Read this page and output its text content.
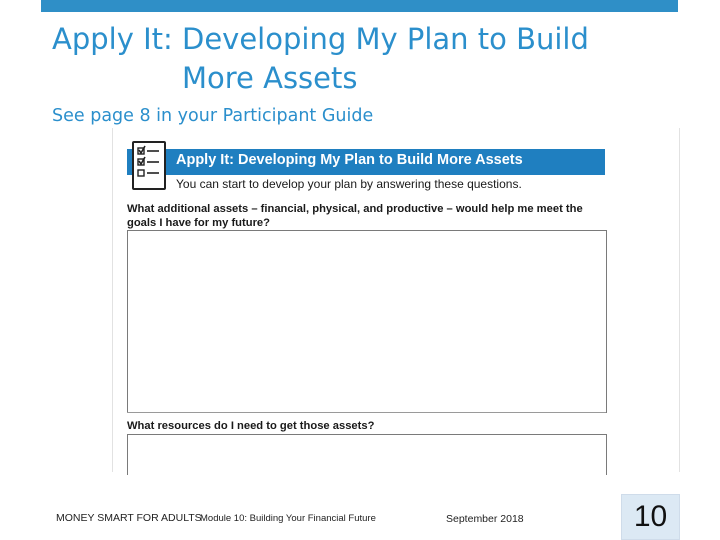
Apply It: Developing My Plan to Build
More Assets
See page 8 in your Participant Guide
Apply It: Developing My Plan to Build More Assets
You can start to develop your plan by answering these questions.
What additional assets – financial, physical, and productive – would help me meet the goals I have for my future?
What resources do I need to get those assets?
MONEY SMART FOR ADULTS
Module 10: Building Your Financial Future	September 2018	10
